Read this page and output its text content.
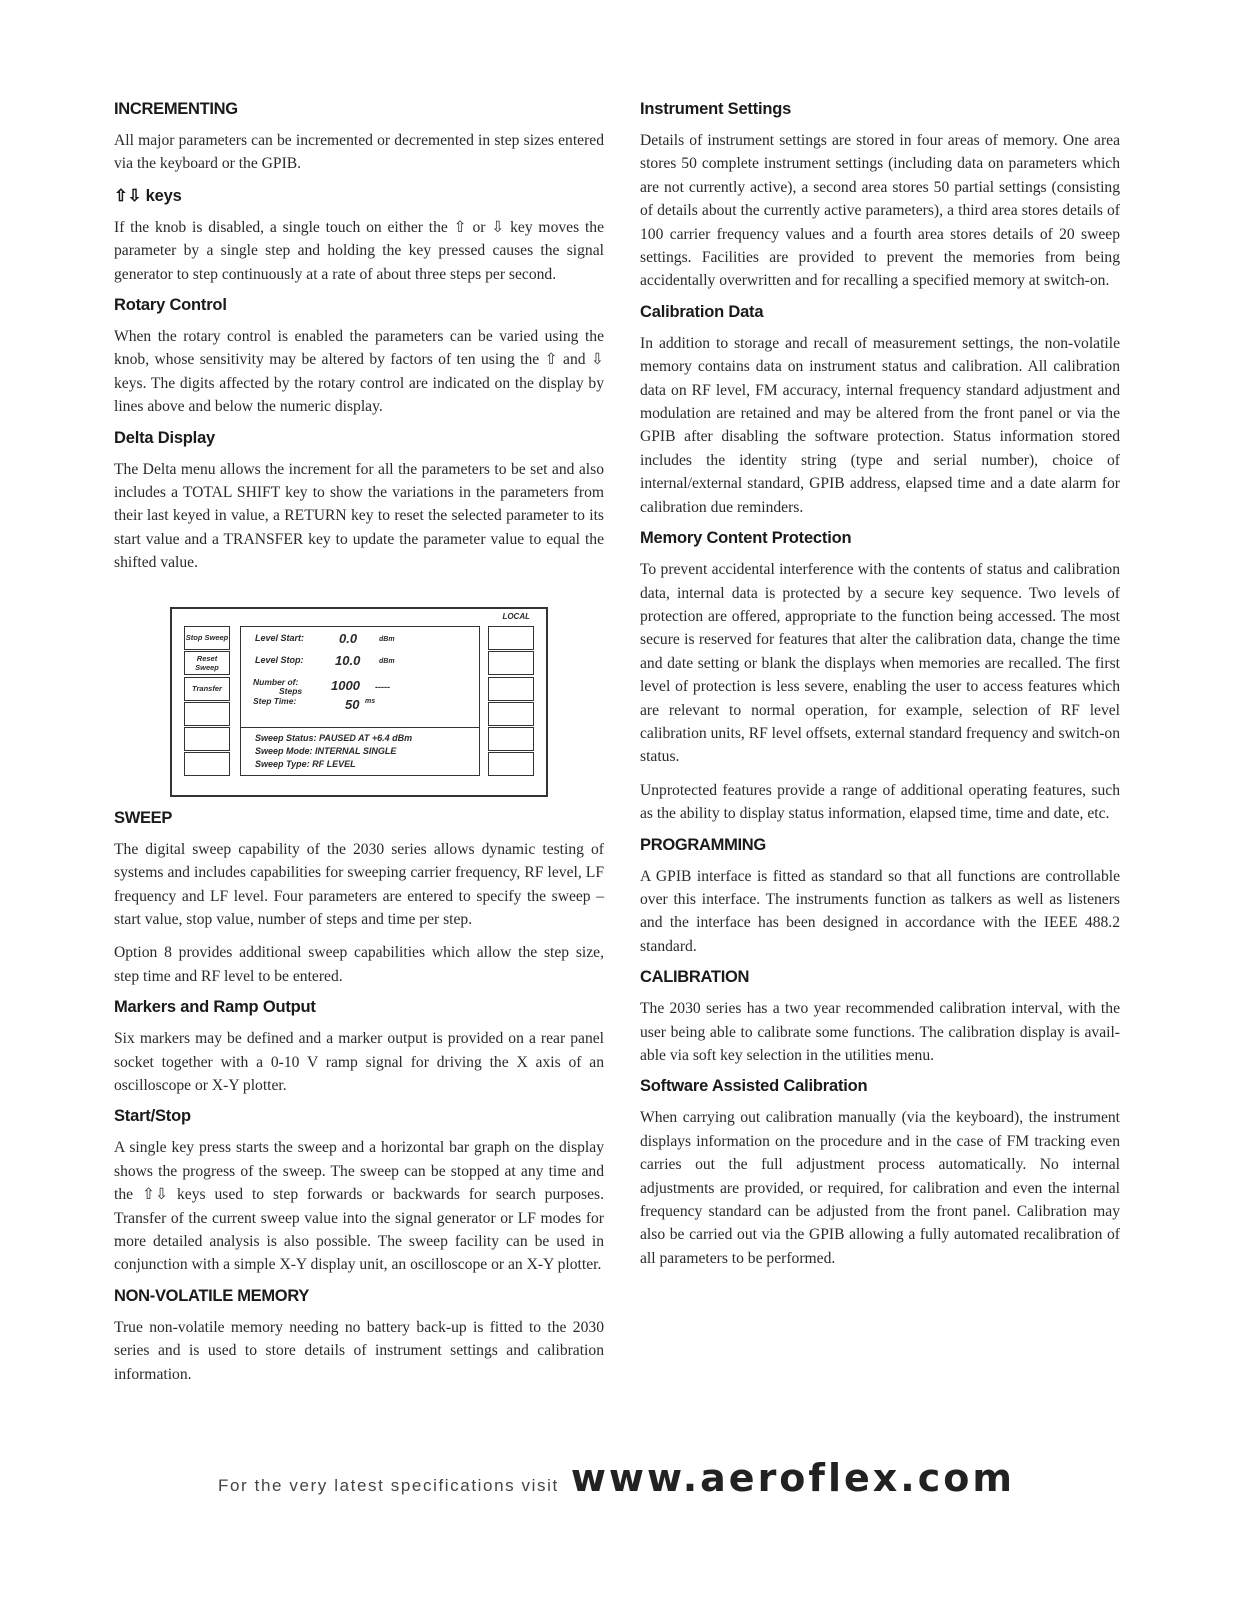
INCREMENTING

All major parameters can be incremented or decremented in step sizes entered via the keyboard or the GPIB.

⇧⇩ keys

If the knob is disabled, a single touch on either the ⇧ or ⇩ key moves the parameter by a single step and holding the key pressed causes the signal generator to step continuously at a rate of about three steps per second.

Rotary Control

When the rotary control is enabled the parameters can be varied using the knob, whose sensitivity may be altered by factors of ten using the ⇧ and ⇩ keys. The digits affected by the rotary control are indicated on the display by lines above and below the numeric display.

Delta Display

The Delta menu allows the increment for all the parameters to be set and also includes a TOTAL SHIFT key to show the variations in the parameters from their last keyed in value, a RETURN key to reset the selected parameter to its start value and a TRANSFER key to update the parameter value to equal the shifted value.

LOCAL
Stop Sweep
Reset Sweep
Transfer
Level Start:	0.0	dBm
Level Stop: 10.0	dBm
Number of:
Steps 1000 -----
Step Time:	50 ms
Sweep Status: PAUSED AT +6.4 dBm
Sweep Mode: INTERNAL SINGLE
Sweep Type: RF LEVEL
SWEEP

The digital sweep capability of the 2030 series allows dynamic testing of systems and includes capabilities for sweeping carrier frequency, RF level, LF frequency and LF level. Four parameters are entered to specify the sweep – start value, stop value, number of steps and time per step.

Option 8 provides additional sweep capabilities which allow the step size, step time and RF level to be entered.

Markers and Ramp Output

Six markers may be defined and a marker output is provided on a rear panel socket together with a 0-10 V ramp signal for driving the X axis of an oscilloscope or X-Y plotter.

Start/Stop

A single key press starts the sweep and a horizontal bar graph on the display shows the progress of the sweep. The sweep can be stopped at any time and the ⇧⇩ keys used to step forwards or backwards for search purposes. Transfer of the current sweep value into the signal generator or LF modes for more detailed analysis is also possible. The sweep facility can be used in conjunction with a simple X-Y display unit, an oscilloscope or an X-Y plotter.

NON-VOLATILE MEMORY

True non-volatile memory needing no battery back-up is fitted to the 2030 series and is used to store details of instrument settings and calibration information.

Instrument Settings

Details of instrument settings are stored in four areas of memory. One area stores 50 complete instrument settings (including data on parameters which are not currently active), a second area stores 50 partial settings (consisting of details about the currently active parameters), a third area stores details of 100 carrier frequency values and a fourth area stores details of 20 sweep settings. Facilities are provided to prevent the memories from being accidentally overwritten and for recalling a specified memory at switch-on.

Calibration Data

In addition to storage and recall of measurement settings, the non-volatile memory contains data on instrument status and calibration. All calibration data on RF level, FM accuracy, internal frequency standard adjustment and modulation are retained and may be altered from the front panel or via the GPIB after disabling the software protection. Status information stored includes the identity string (type and serial number), choice of internal/external standard, GPIB address, elapsed time and a date alarm for calibration due reminders.

Memory Content Protection

To prevent accidental interference with the contents of status and calibration data, internal data is protected by a secure key sequence. Two levels of protection are offered, appropriate to the function being accessed. The most secure is reserved for features that alter the calibration data, change the time and date setting or blank the displays when memories are recalled. The first level of protection is less severe, enabling the user to access features which are relevant to normal operation, for example, selection of RF level calibration units, RF level offsets, external standard frequency and switch-on status.

Unprotected features provide a range of additional operating features, such as the ability to display status information, elapsed time, time and date, etc.

PROGRAMMING

A GPIB interface is fitted as standard so that all functions are controllable over this interface. The instruments function as talkers as well as listeners and the interface has been designed in accordance with the IEEE 488.2 standard.

CALIBRATION

The 2030 series has a two year recommended calibration interval, with the user being able to calibrate some functions. The calibration display is avail-able via soft key selection in the utilities menu.

Software Assisted Calibration

When carrying out calibration manually (via the keyboard), the instrument displays information on the procedure and in the case of FM tracking even carries out the full adjustment process automatically. No internal adjustments are provided, or required, for calibration and even the internal frequency standard can be adjusted from the front panel. Calibration may also be carried out via the GPIB allowing a fully automated recalibration of all parameters to be performed.

For the very latest specifications visit www.aeroflex.com
